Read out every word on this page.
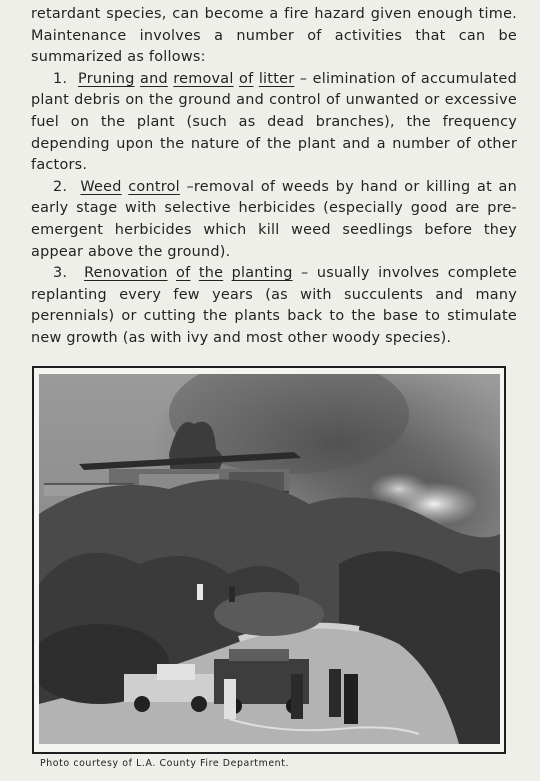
retardant species, can become a fire hazard given enough time. Maintenance involves a number of activities that can be summarized as follows:

1. Pruning and removal of litter – elimination of accumulated plant debris on the ground and control of unwanted or excessive fuel on the plant (such as dead branches), the frequency depending upon the nature of the plant and a number of other factors.

2. Weed control –removal of weeds by hand or killing at an early stage with selective herbicides (especially good are pre-emergent herbicides which kill weed seedlings before they appear above the ground).

3. Renovation of the planting – usually involves complete replanting every few years (as with succulents and many perennials) or cutting the plants back to the base to stimulate new growth (as with ivy and most other woody species).

Photo courtesy of L.A. County Fire Department.
